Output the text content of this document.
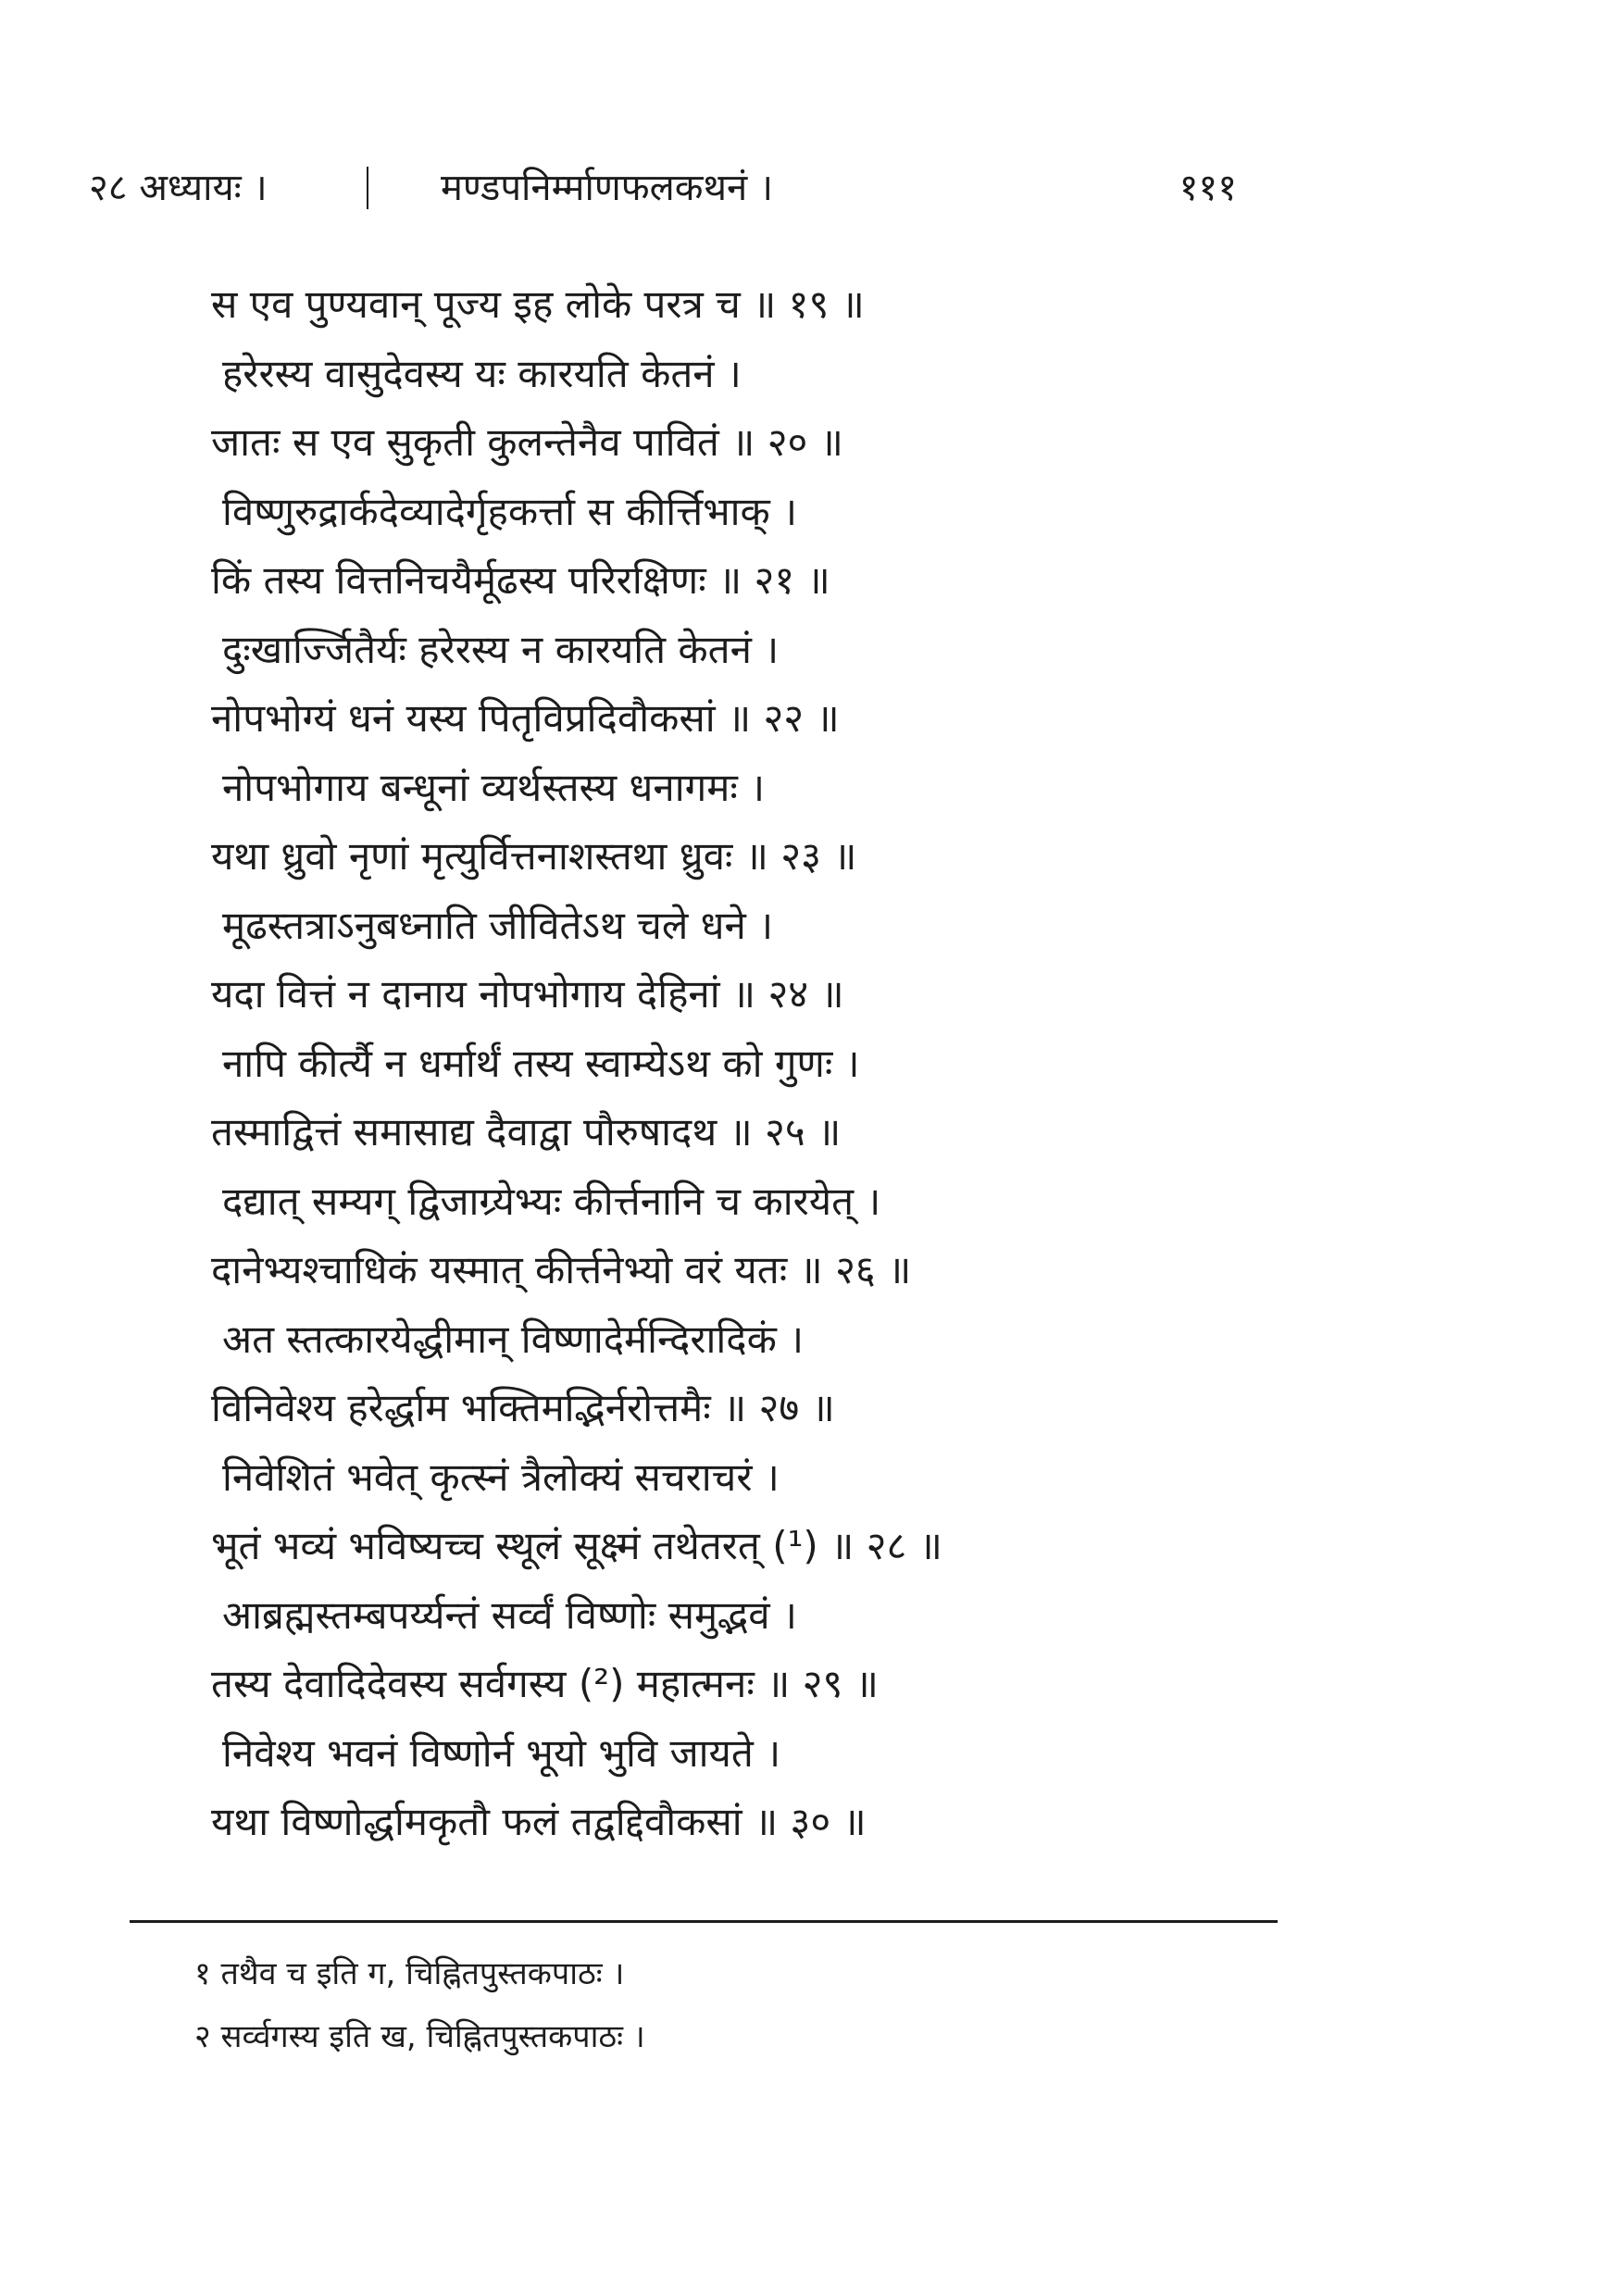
२८ अध्यायः ।	मण्डपनिर्म्माणफलकथनं ।	१११
स एव पुण्यवान् पूज्य इह लोके परत्र च ॥ १९ ॥
हरेरस्य वासुदेवस्य यः कारयति केतनं ।
जातः स एव सुकृती कुलन्तेनैव पावितं ॥ २० ॥
विष्णुरुद्रार्कदेव्यादेर्गृहकर्त्ता स कीर्त्तिभाक् ।
किं तस्य वित्तनिचयैर्मूढस्य परिरक्षिणः ॥ २१ ॥
दुःखार्ज्जितैर्यः हरेरस्य न कारयति केतनं ।
नोपभोग्यं धनं यस्य पितृविप्रदिवौकसां ॥ २२ ॥
नोपभोगाय बन्धूनां व्यर्थस्तस्य धनागमः ।
यथा ध्रुवो नृणां मृत्युर्वित्तनाशस्तथा ध्रुवः ॥ २३ ॥
मूढस्तत्राऽनुबध्नाति जीवितेऽथ चले धने ।
यदा वित्तं न दानाय नोपभोगाय देहिनां ॥ २४ ॥
नापि कीर्त्यै न धर्मार्थं तस्य स्वाम्येऽथ को गुणः ।
तस्माद्वित्तं समासाद्य दैवाद्वा पौरुषादथ ॥ २५ ॥
दद्यात् सम्यग् द्विजाग्र्येभ्यः कीर्त्तनानि च कारयेत् ।
दानेभ्यश्चाधिकं यस्मात् कीर्त्तनेभ्यो वरं यतः ॥ २६ ॥
अत स्तत्कारयेद्धीमान् विष्णादेर्मन्दिरादिकं ।
विनिवेश्य हरेर्द्धाम भक्तिमद्भिर्नरोत्तमैः ॥ २७ ॥
निवेशितं भवेत् कृत्स्नं त्रैलोक्यं सचराचरं ।
भूतं भव्यं भविष्यच्च स्थूलं सूक्ष्मं तथेतरत् (¹) ॥ २८ ॥
आब्रह्मस्तम्बपर्य्यन्तं सर्व्वं विष्णोः समुद्भवं ।
तस्य देवादिदेवस्य सर्वगस्य (²) महात्मनः ॥ २९ ॥
निवेश्य भवनं विष्णोर्न भूयो भुवि जायते ।
यथा विष्णोर्द्धामकृतौ फलं तद्वद्दिवौकसां ॥ ३० ॥
१ तथैव च इति ग, चिह्नितपुस्तकपाठः ।
२ सर्व्वगस्य इति ख, चिह्नितपुस्तकपाठः ।
